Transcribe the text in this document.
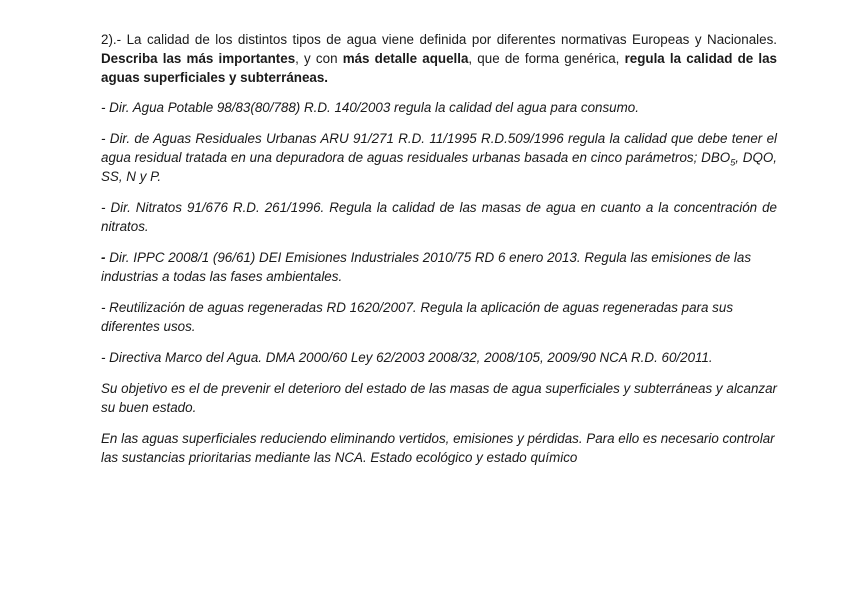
2).- La calidad de los distintos tipos de agua viene definida por diferentes normativas Europeas y Nacionales. Describa las más importantes, y con más detalle aquella, que de forma genérica, regula la calidad de las aguas superficiales y subterráneas.

- Dir. Agua Potable 98/83(80/788) R.D. 140/2003 regula la calidad del agua para consumo.

- Dir. de Aguas Residuales Urbanas ARU 91/271 R.D. 11/1995 R.D.509/1996 regula la calidad que debe tener el agua residual tratada en una depuradora de aguas residuales urbanas basada en cinco parámetros; $DBO_5$, DQO, SS, N y P.

- Dir. Nitratos 91/676 R.D. 261/1996. Regula la calidad de las masas de agua en cuanto a la concentración de nitratos.

- Dir. IPPC 2008/1 (96/61) DEI Emisiones Industriales 2010/75 RD 6 enero 2013. Regula las emisiones de las industrias a todas las fases ambientales.

- Reutilización de aguas regeneradas RD 1620/2007. Regula la aplicación de aguas regeneradas para sus diferentes usos.

- Directiva Marco del Agua. DMA 2000/60 Ley 62/2003 2008/32, 2008/105, 2009/90 NCA R.D. 60/2011.

Su objetivo es el de prevenir el deterioro del estado de las masas de agua superficiales y subterráneas y alcanzar su buen estado.

En las aguas superficiales reduciendo eliminando vertidos, emisiones y pérdidas. Para ello es necesario controlar las sustancias prioritarias mediante las NCA. Estado ecológico y estado químico
